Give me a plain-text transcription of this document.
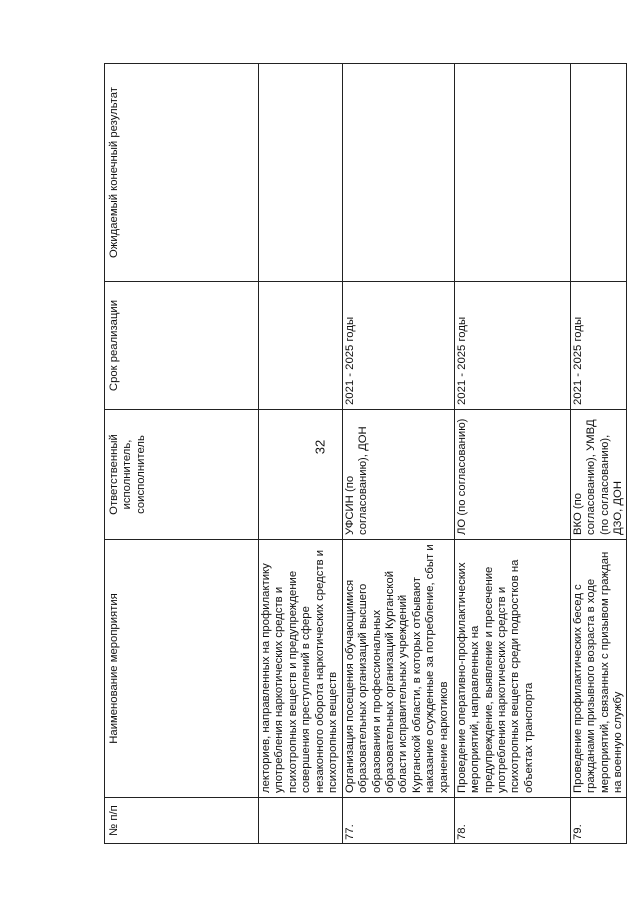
32
№ п/п	Наименование мероприятия	Ответственный исполнитель, соисполнитель	Срок реализации	Ожидаемый конечный результат
	лекториев, направленных на профилактику употребления наркотических средств и психотропных веществ и предупреждение совершения преступлений в сфере незаконного оборота наркотических средств и психотропных веществ			
77.	Организация посещения обучающимися образовательных организаций высшего образования и профессиональных образовательных организаций Курганской области исправительных учреждений Курганской области, в которых отбывают наказание осужденные за потребление, сбыт и хранение наркотиков	УФСИН (по согласованию), ДОН	2021 - 2025 годы	
78.	Проведение оперативно-профилактических мероприятий, направленных на предупреждение, выявление и пресечение употребления наркотических средств и психотропных веществ среди подростков на объектах транспорта	ЛО (по согласованию)	2021 - 2025 годы	
79.	Проведение профилактических бесед с гражданами призывного возраста в ходе мероприятий, связанных с призывом граждан на военную службу	ВКО (по согласованию), УМВД (по согласованию), ДЗО, ДОН	2021 - 2025 годы	
